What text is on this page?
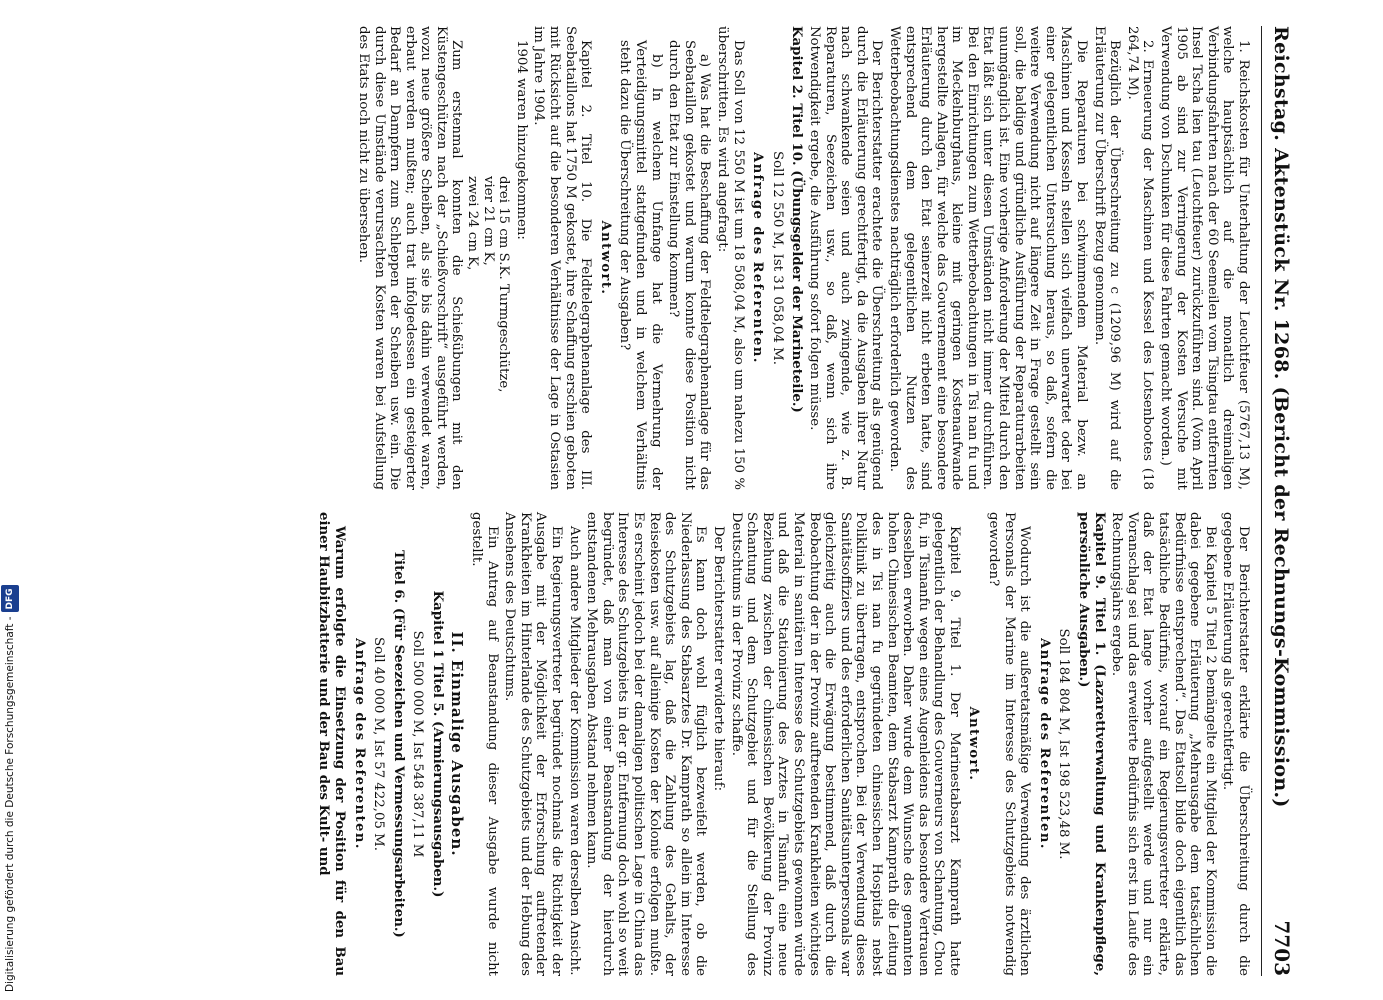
Reichstag. Aktenstück Nr. 1268. (Bericht der Rechnungs-Kommission.)
7703

1. Reichskosten für Unterhaltung der Leuchtfeuer (5767,13 M), welche hauptsächlich auf die monatlich dreimaligen Verbindungsfahrten nach der 60 Seemeilen vom Tsingtau entfernten Insel Tscha lien tau (Leuchtfeuer) zurückzuführen sind. (Vom April 1905 ab sind zur Verringerung der Kosten Versuche mit Verwendung von Dschunken für diese Fahrten gemacht worden.)

2. Erneuerung der Maschinen und Kessel des Lotsenbootes (18 264,74 M).

Bezüglich der Überschreitung zu c (1209,96 M) wird auf die Erläuterung zur Überschrift Bezug genommen.

Die Reparaturen bei schwimmendem Material bezw. an Maschinen und Kesseln stellen sich vielfach unerwartet oder bei einer gelegentlichen Untersuchung heraus, so daß, sofern die weitere Verwendung nicht auf längere Zeit in Frage gestellt sein soll, die baldige und gründliche Ausführung der Reparaturarbeiten unumgänglich ist. Eine vorherige Anforderung der Mittel durch den Etat läßt sich unter diesen Umständen nicht immer durchführen. Bei den Einrichtungen zum Wetterbeobachtungen in Tsi nan fu und im Meckelnburghaus, kleine mit geringen Kostenaufwande hergestellte Anlagen, für welche das Gouvernement eine besondere Erläuterung durch den Etat seinerzeit nicht erbeten hatte, sind entsprechend dem gelegentlichen Nutzen des Wetterbeobachtungsdienstes nachträglich erforderlich geworden.

Der Berichterstatter erachtete die Überschreitung als genügend durch die Erläuterung gerechtfertigt, da die Ausgaben ihrer Natur nach schwankende seien und auch zwingende, wie z. B. Reparaturen, Seezeichen usw., so daß, wenn sich ihre Notwendigkeit ergebe, die Ausführung sofort folgen müsse.

Kapitel 2. Titel 10. (Übungsgelder der Marineteile.)

Soll 12 550 M, Ist 31 058,04 M.

Anfrage des Referenten.

Das Soll von 12 550 M ist um 18 508,04 M, also um nahezu 150 % überschritten. Es wird angefragt:

a) Was hat die Beschaffung der Feldtelegraphenanlage für das Seebataillon gekostet und warum konnte diese Position nicht durch den Etat zur Einstellung kommen?

b) In welchem Umfange hat die Vermehrung der Verteidigungsmittel stattgefunden und in welchem Verhältnis steht dazu die Überschreitung der Ausgaben?

Antwort.

Kapitel 2. Titel 10. Die Feldtelegraphenanlage des III. Seebataillons hat 1750 M gekostet, ihre Schaffung erschien geboten mit Rücksicht auf die besonderen Verhältnisse der Lage in Ostasien im Jahre 1904.

1904 waren hinzugekommen:

drei 15 cm S.K. Turmgeschütze,
vier 21 cm K,
zwei 24 cm K,

Zum erstenmal konnten die Schießübungen mit den Küstengeschützen nach der „Schießvorschrift“ ausgeführt werden, wozu neue größere Scheiben, als sie bis dahin verwendet waren, erbaut werden mußten; auch trat infolgedessen ein gesteigerter Bedarf an Dampfern zum Schleppen der Scheiben usw. ein. Die durch diese Umstände verursachten Kosten waren bei Aufstellung des Etats noch nicht zu übersehen.

Der Berichterstatter erklärte die Überschreitung durch die gegebene Erläuterung als gerechtfertigt.

Bei Kapitel 5 Titel 2 bemängelte ein Mitglied der Kommission die dabei gegebene Erläuterung „Mehrausgabe dem tatsächlichen Bedürfnisse entsprechend“. Das Etatsoll bilde doch eigentlich das tatsächliche Bedürfnis, worauf ein Regierungsvertreter erklärte, daß der Etat lange vorher aufgestellt werde und nur ein Voranschlag sei und das erweiterte Bedürfnis sich erst im Laufe des Rechnungsjahrs ergebe.

Kapitel 9. Titel 1. (Lazarettverwaltung und Krankenpflege, persönliche Ausgaben.)

Soll 184 804 M, Ist 198 523,48 M.

Anfrage des Referenten.

Wodurch ist die außeretatsmäßige Verwendung des ärztlichen Personals der Marine im Interesse des Schutzgebiets notwendig geworden?

Antwort.

Kapitel 9. Titel 1. Der Marinestabsarzt Kamprath hatte gelegentlich der Behandlung des Gouverneurs von Schantung, Chou fu, in Tsinanfu wegen eines Augenleidens das besondere Vertrauen desselben erworben. Daher wurde dem Wunsche des genannten hohen Chinesischen Beamten, dem Stabsarzt Kamprath die Leitung des in Tsi nan fu gegründeten chinesischen Hospitals nebst Poliklinik zu übertragen, entsprochen. Bei der Verwendung dieses Sanitätsoffiziers und des erforderlichen Sanitätsunterpersonals war gleichzeitig auch die Erwägung bestimmend, daß durch die Beobachtung der in der Provinz auftretenden Krankheiten wichtiges Material in sanitären Interesse des Schutzgebiets gewonnen würde und daß die Stationierung des Arztes in Tsinanfu eine neue Beziehung zwischen der chinesischen Bevölkerung der Provinz Schantung und dem Schutzgebiet und für die Stellung des Deutschtums in der Provinz schaffe.

Der Berichterstatter erwiderte hierauf:

Es kann doch wohl füglich bezweifelt werden, ob die Niederlassung des Stabsarztes Dr. Kamprath so allein im Interesse des Schutzgebiets lag, daß die Zahlung des Gehalts, der Reisekosten usw. auf alleinige Kosten der Kolonie erfolgen mußte. Es erscheint jedoch bei der damaligen politischen Lage in China das Interesse des Schutzgebiets in der gr. Entfernung doch wohl so weit begründet, daß man von einer Beanstandung der hierdurch entstandenen Mehrausgaben Abstand nehmen kann.

Auch andere Mitglieder der Kommission waren derselben Ansicht.

Ein Regierungsvertreter begründet nochmals die Richtigkeit der Ausgabe mit der Möglichkeit der Erforschung auftretender Krankheiten im Hinterlande des Schutzgebiets und der Hebung des Ansehens des Deutschtums.

Ein Antrag auf Beanstandung dieser Ausgabe wurde nicht gestellt.

II. Einmalige Ausgaben.

Kapitel 1 Titel 5. (Armierungsausgaben.)

Soll 500 000 M, Ist 548 387,11 M

Titel 6. (Für Seezeichen und Vermessungsarbeiten.)

Soll 40 000 M, Ist 57 422,05 M.

Anfrage des Referenten.

Warum erfolgte die Einsetzung der Position für den Bau einer Haubitzbatterie und der Bau des Kult- und

Digitalisierung gefördert durch die Deutsche Forschungsgemeinschaft -
DFG
